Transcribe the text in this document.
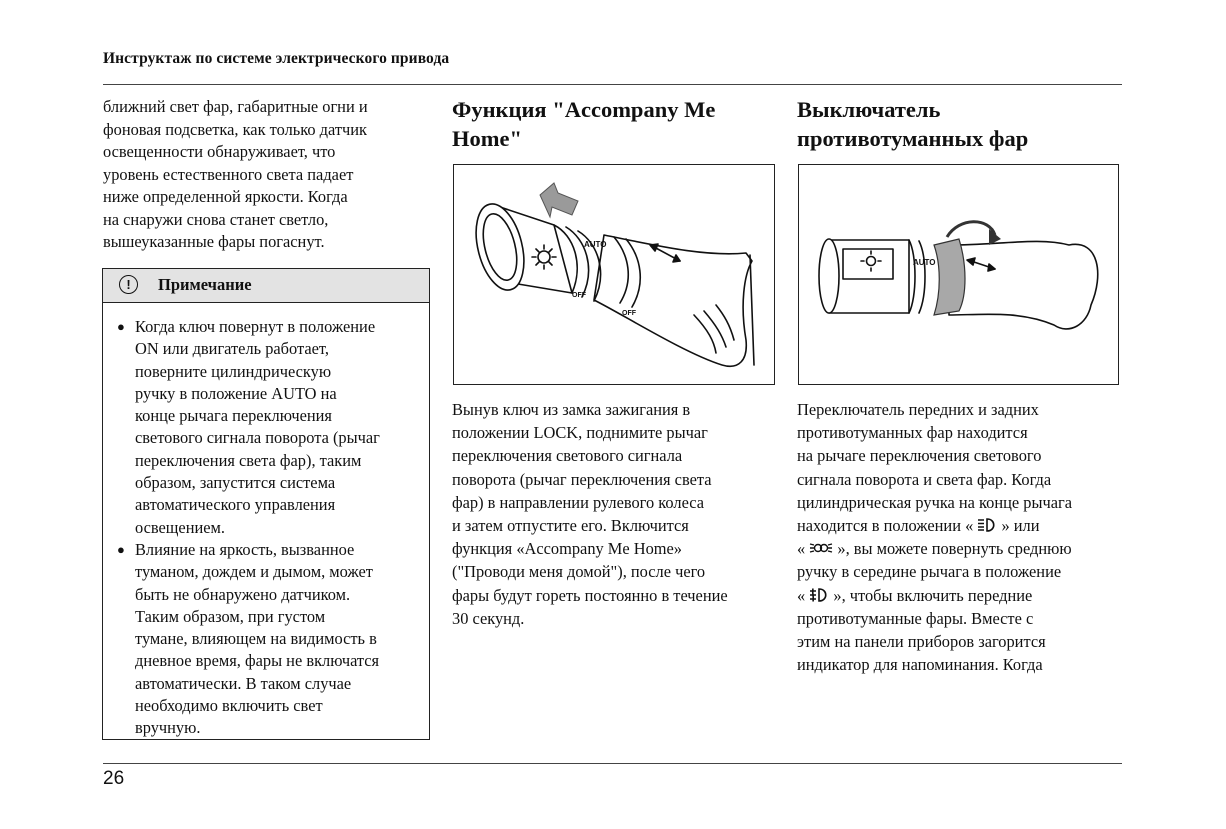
Инструктаж по системе электрического привода
ближний свет фар, габаритные огни и
фоновая подсветка, как только датчик
освещенности обнаруживает, что
уровень естественного света падает
ниже определенной яркости. Когда
на снаружи снова станет светло,
вышеуказанные фары погаснут.
!	Примечание
● Когда ключ повернут в положение
ON или двигатель работает,
поверните цилиндрическую
ручку в положение AUTO на
конце рычага переключения
светового сигнала поворота (рычаг
переключения света фар), таким
образом, запустится система
автоматического управления
освещением.
● Влияние на яркость, вызванное
туманом, дождем и дымом, может
быть не обнаружено датчиком.
Таким образом, при густом
тумане, влияющем на видимость в
дневное время, фары не включатся
автоматически. В таком случае
необходимо включить свет
вручную.
Функция "Accompany Me
Home"
AUTO
OFF
OFF
Вынув ключ из замка зажигания в
положении LOCK, поднимите рычаг
переключения светового сигнала
поворота (рычаг переключения света
фар) в направлении рулевого колеса
и затем отпустите его. Включится
функция «Accompany Me Home»
("Проводи меня домой"), после чего
фары будут гореть постоянно в течение
30 секунд.
Выключатель
противотуманных фар
AUTO
Переключатель передних и задних
противотуманных фар находится
на рычаге переключения светового
сигнала поворота и света фар. Когда
цилиндрическая ручка на конце рычага
находится в положении «  » или
«  », вы можете повернуть среднюю
ручку в середине рычага в положение
«  », чтобы включить передние
противотуманные фары. Вместе с
этим на панели приборов загорится
индикатор для напоминания. Когда
26
